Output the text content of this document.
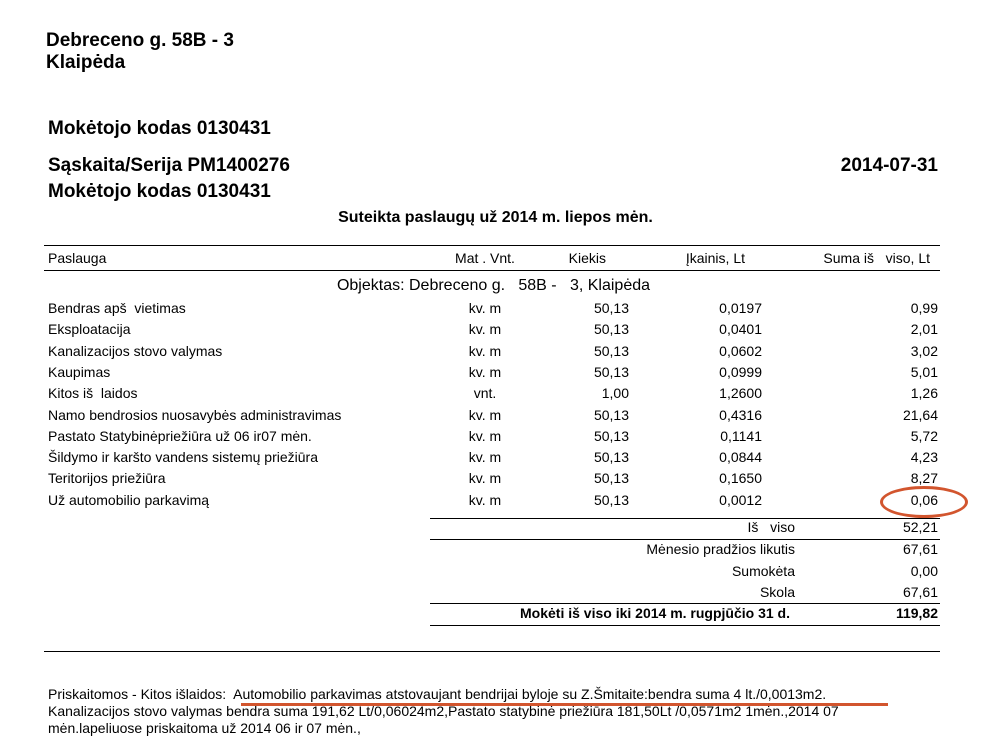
Debreceno g. 58B - 3
Klaipėda
Mokėtojo kodas 0130431
Sąskaita/Serija PM1400276	2014-07-31
Mokėtojo kodas 0130431
Suteikta paslaugų už 2014 m. liepos mėn.
Paslauga	Mat . Vnt.	Kiekis	Įkainis, Lt	Suma iš   viso, Lt
Objektas: Debreceno g.   58B -   3, Klaipėda
Bendras apš  vietimas	kv. m	50,13	0,0197	0,99
Eksploatacija	kv. m	50,13	0,0401	2,01
Kanalizacijos stovo valymas	kv. m	50,13	0,0602	3,02
Kaupimas	kv. m	50,13	0,0999	5,01
Kitos iš  laidos	vnt.	1,00	1,2600	1,26
Namo bendrosios nuosavybės administravimas	kv. m	50,13	0,4316	21,64
Pastato Statybinėpriežiūra už 06 ir07 mėn.	kv. m	50,13	0,1141	5,72
Šildymo ir karšto vandens sistemų priežiūra	kv. m	50,13	0,0844	4,23
Teritorijos priežiūra	kv. m	50,13	0,1650	8,27
Už automobilio parkavimą	kv. m	50,13	0,0012	0,06
Iš   viso	52,21
Mėnesio pradžios likutis	67,61
Sumokėta	0,00
Skola	67,61
Mokėti iš viso iki 2014 m. rugpjūčio 31 d.	119,82
Priskaitomos - Kitos išlaidos:  Automobilio parkavimas atstovaujant bendrijai byloje su Z.Šmitaite:bendra suma 4 lt./0,0013m2.
Kanalizacijos stovo valymas bendra suma 191,62 Lt/0,06024m2,Pastato statybinė priežiūra 181,50Lt /0,0571m2 1mėn.,2014 07
mėn.lapeliuose priskaitoma už 2014 06 ir 07 mėn.,
